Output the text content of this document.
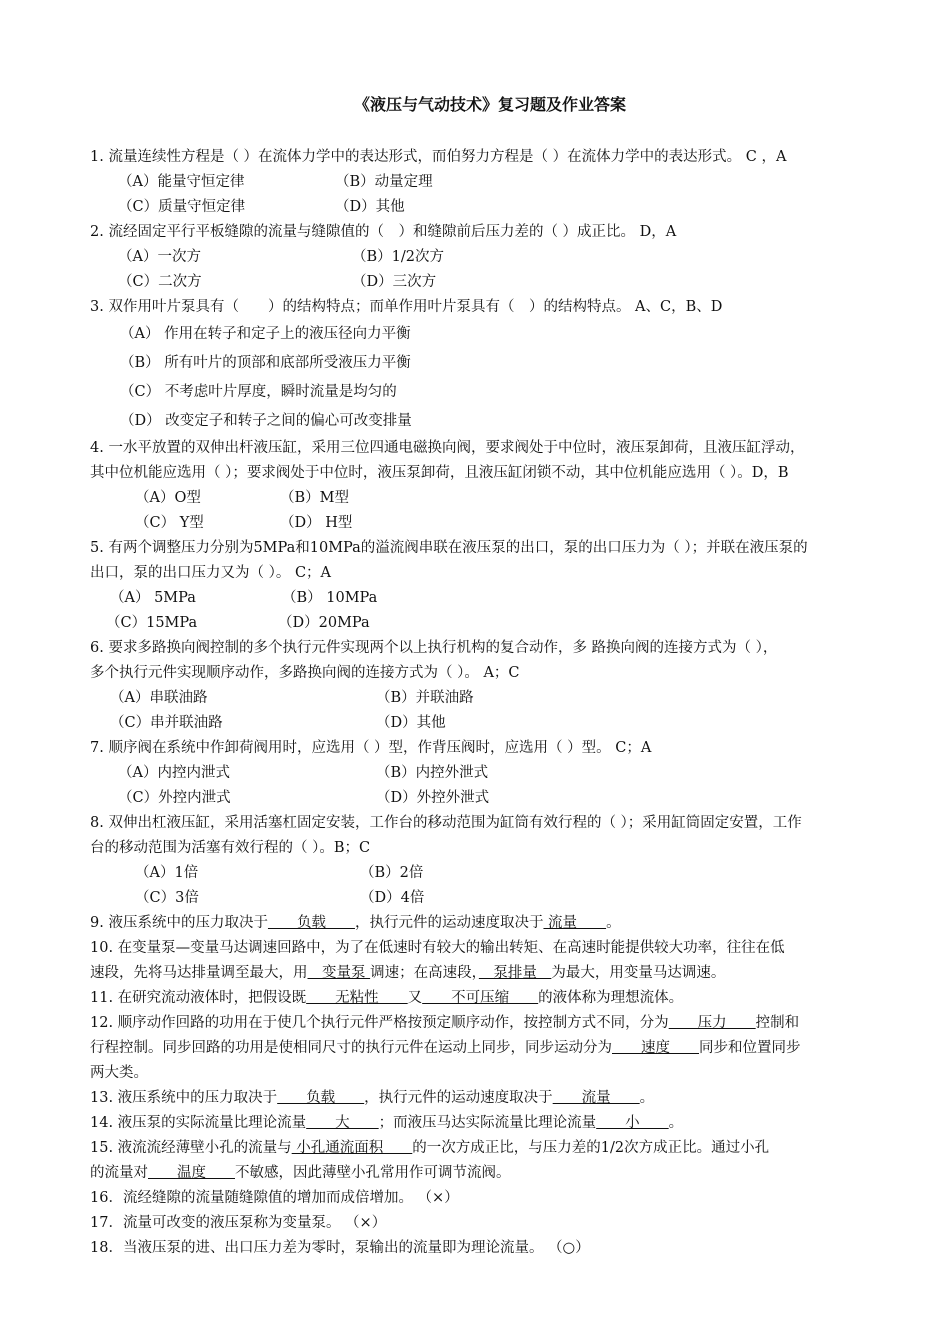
《液压与气动技术》复习题及作业答案
1. 流量连续性方程是（ ）在流体力学中的表达形式，而伯努力方程是（ ）在流体力学中的表达形式。 C ，A
（A）能量守恒定律	（B）动量定理
（C）质量守恒定律	（D）其他
2. 流经固定平行平板缝隙的流量与缝隙值的（　）和缝隙前后压力差的（ ）成正比。 D，A
（A）一次方	（B）1/2次方
（C）二次方	（D）三次方
3. 双作用叶片泵具有（　　）的结构特点；而单作用叶片泵具有（　）的结构特点。 A、C，B、D
（A） 作用在转子和定子上的液压径向力平衡
（B） 所有叶片的顶部和底部所受液压力平衡
（C） 不考虑叶片厚度，瞬时流量是均匀的
（D） 改变定子和转子之间的偏心可改变排量
4. 一水平放置的双伸出杆液压缸，采用三位四通电磁换向阀，要求阀处于中位时，液压泵卸荷，且液压缸浮动，
其中位机能应选用（ ）；要求阀处于中位时，液压泵卸荷，且液压缸闭锁不动，其中位机能应选用（ ）。D，B
（A）O型	（B）M型
（C） Y型	（D） H型
5. 有两个调整压力分别为5MPa和10MPa的溢流阀串联在液压泵的出口，泵的出口压力为（ ）；并联在液压泵的
出口，泵的出口压力又为（ ）。 C；A
（A） 5MPa	（B） 10MPa
（C）15MPa	（D）20MPa
6. 要求多路换向阀控制的多个执行元件实现两个以上执行机构的复合动作，多 路换向阀的连接方式为（ ），
多个执行元件实现顺序动作，多路换向阀的连接方式为（ ）。 A；C
（A）串联油路	（B）并联油路
（C）串并联油路	（D）其他
7. 顺序阀在系统中作卸荷阀用时，应选用（ ）型，作背压阀时，应选用（ ）型。 C；A
（A）内控内泄式	（B）内控外泄式
（C）外控内泄式	（D）外控外泄式
8. 双伸出杠液压缸，采用活塞杠固定安装，工作台的移动范围为缸筒有效行程的（ ）；采用缸筒固定安置，工作
台的移动范围为活塞有效行程的（ ）。B；C
（A）1倍	（B）2倍
（C）3倍	（D）4倍
9. 液压系统中的压力取决于　　负载　　，执行元件的运动速度取决于 流量　　。
10. 在变量泵—变量马达调速回路中，为了在低速时有较大的输出转矩、在高速时能提供较大功率，往往在低
速段，先将马达排量调至最大，用　变量泵 调速；在高速段，　泵排量　为最大，用变量马达调速。
11. 在研究流动液体时，把假设既　　无粘性　　又　　不可压缩　　的液体称为理想流体。
12. 顺序动作回路的功用在于使几个执行元件严格按预定顺序动作，按控制方式不同，分为　　压力　　控制和
行程控制。同步回路的功用是使相同尺寸的执行元件在运动上同步，同步运动分为　　速度　　同步和位置同步
两大类。
13. 液压系统中的压力取决于　　负载　　，执行元件的运动速度取决于　　流量　　。
14. 液压泵的实际流量比理论流量　　大　　；而液压马达实际流量比理论流量　　小　　。
15. 液流流经薄壁小孔的流量与 小孔通流面积　　的一次方成正比，与压力差的1/2次方成正比。通过小孔
的流量对　　温度　　不敏感，因此薄壁小孔常用作可调节流阀。
16．流经缝隙的流量随缝隙值的增加而成倍增加。 （×）
17．流量可改变的液压泵称为变量泵。 （×）
18．当液压泵的进、出口压力差为零时，泵输出的流量即为理论流量。 （○）
